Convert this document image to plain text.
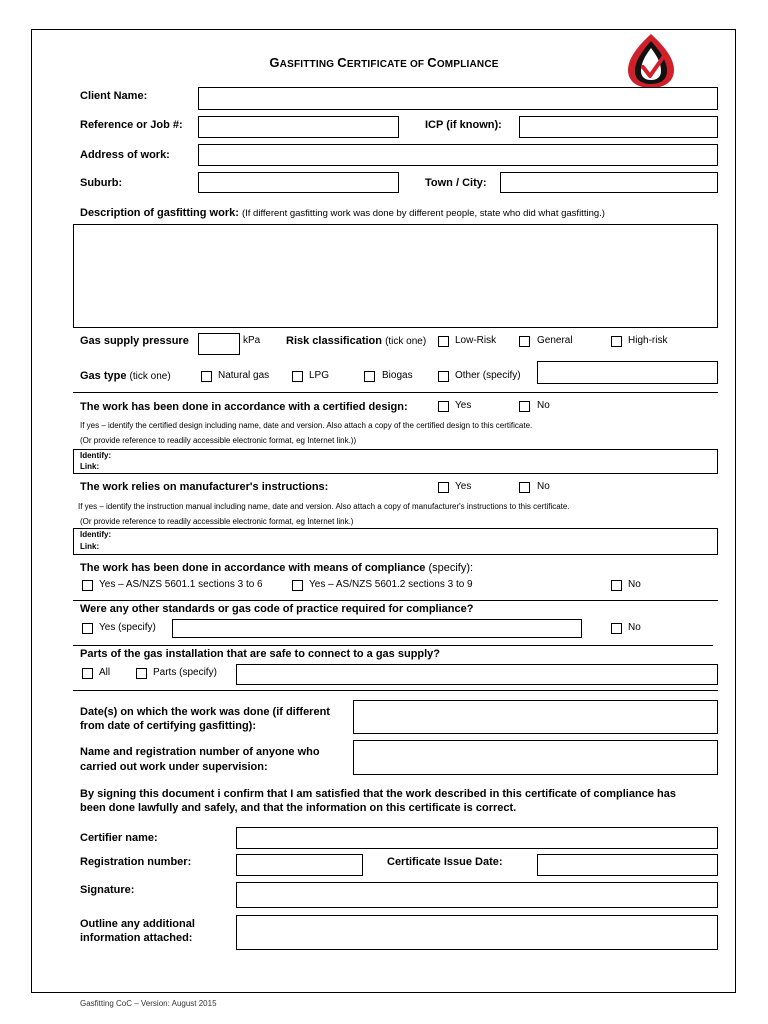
GASFITTING CERTIFICATE OF COMPLIANCE
Client Name:
Reference or Job #:	ICP (if known):
Address of work:
Suburb:	Town / City:
Description of gasfitting work: (If different gasfitting work was done by different people, state who did what gasfitting.)
Gas supply pressure	kPa Risk classification (tick one)	Low-Risk	General	High-risk
Gas type (tick one)	Natural gas	LPG	Biogas	Other (specify)
The work has been done in accordance with a certified design:	Yes	No
If yes – identify the certified design including name, date and version. Also attach a copy of the certified design to this certificate.
(Or provide reference to readily accessible electronic format, eg Internet link.))
Identify:
Link:
The work relies on manufacturer's instructions:	Yes	No
If yes – identify the instruction manual including name, date and version. Also attach a copy of manufacturer's instructions to this certificate.
(Or provide reference to readily accessible electronic format, eg Internet link.)
Identify:
Link:
The work has been done in accordance with means of compliance (specify):
Yes – AS/NZS 5601.1 sections 3 to 6	Yes – AS/NZS 5601.2 sections 3 to 9	No
Were any other standards or gas code of practice required for compliance?
Yes (specify)	No
Parts of the gas installation that are safe to connect to a gas supply?
All	Parts (specify)
Date(s) on which the work was done (if different
from date of certifying gasfitting):
Name and registration number of anyone who
carried out work under supervision:
By signing this document i confirm that I am satisfied that the work described in this certificate of compliance has
been done lawfully and safely, and that the information on this certificate is correct.
Certifier name:
Registration number:	Certificate Issue Date:
Signature:
Outline any additional
information attached:
Gasfitting CoC – Version: August 2015
